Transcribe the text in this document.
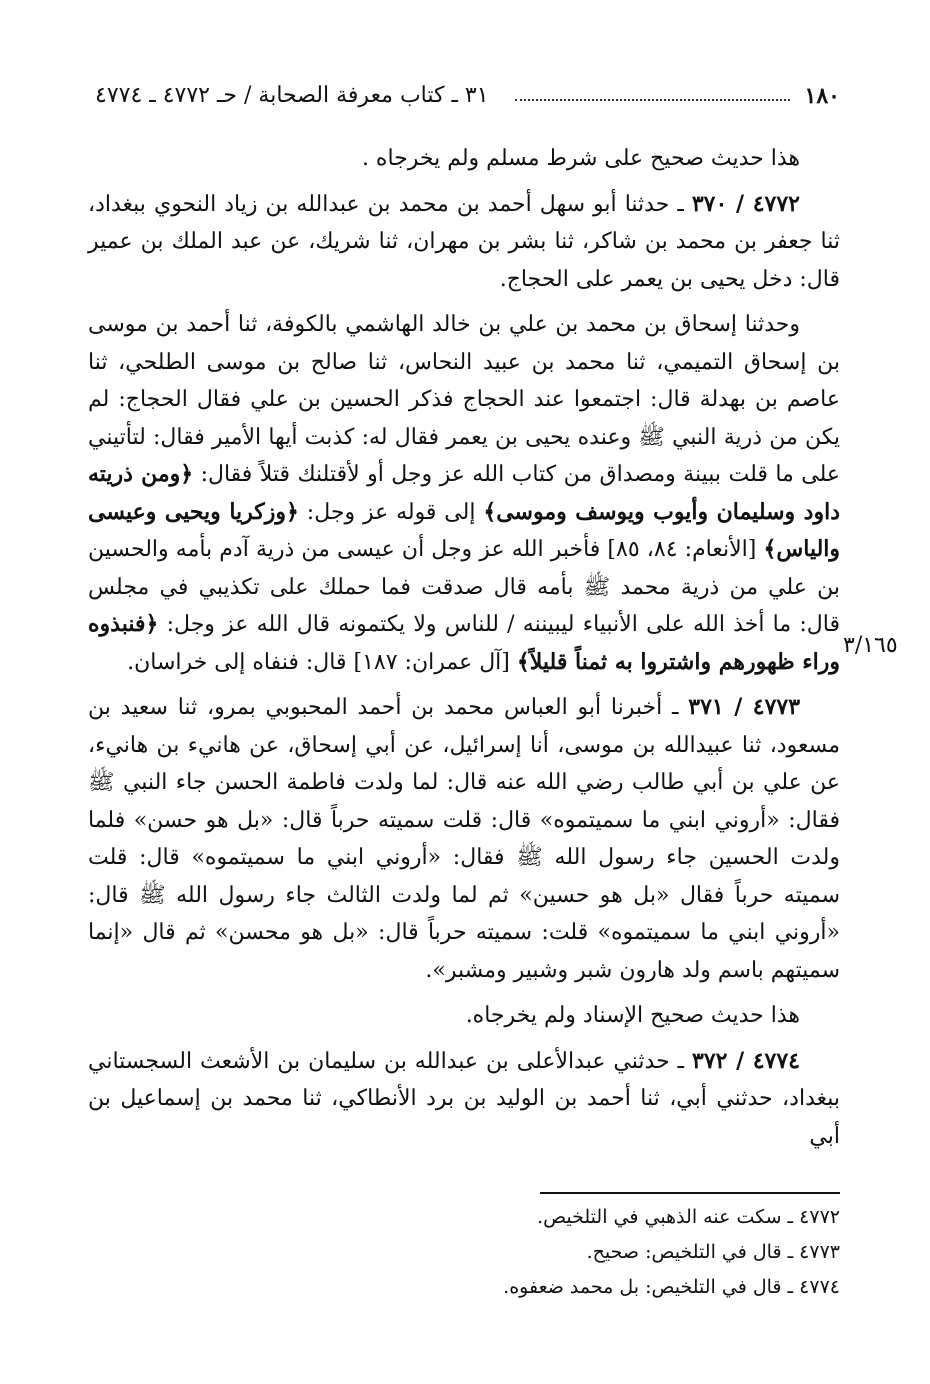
١٨٠
٣١ ـ كتاب معرفة الصحابة / حـ ٤٧٧٢ ـ ٤٧٧٤
٣/١٦٥

هذا حديث صحيح على شرط مسلم ولم يخرجاه .

٤٧٧٢ / ٣٧٠ ـ حدثنا أبو سهل أحمد بن محمد بن عبدالله بن زياد النحوي ببغداد، ثنا جعفر بن محمد بن شاكر، ثنا بشر بن مهران، ثنا شريك، عن عبد الملك بن عمير قال: دخل يحيى بن يعمر على الحجاج.

وحدثنا إسحاق بن محمد بن علي بن خالد الهاشمي بالكوفة، ثنا أحمد بن موسى بن إسحاق التميمي، ثنا محمد بن عبيد النحاس، ثنا صالح بن موسى الطلحي، ثنا عاصم بن بهدلة قال: اجتمعوا عند الحجاج فذكر الحسين بن علي فقال الحجاج: لم يكن من ذرية النبي ﷺ وعنده يحيى بن يعمر فقال له: كذبت أيها الأمير فقال: لتأتيني على ما قلت ببينة ومصداق من كتاب الله عز وجل أو لأقتلنك قتلاً فقال: ﴿ومن ذريته داود وسليمان وأيوب ويوسف وموسى﴾ إلى قوله عز وجل: ﴿وزكريا ويحيى وعيسى والياس﴾ [الأنعام: ٨٤، ٨٥] فأخبر الله عز وجل أن عيسى من ذرية آدم بأمه والحسين بن علي من ذرية محمد ﷺ بأمه قال صدقت فما حملك على تكذيبي في مجلس قال: ما أخذ الله على الأنبياء ليبيننه / للناس ولا يكتمونه قال الله عز وجل: ﴿فنبذوه وراء ظهورهم واشتروا به ثمناً قليلاً﴾ [آل عمران: ١٨٧] قال: فنفاه إلى خراسان.

٤٧٧٣ / ٣٧١ ـ أخبرنا أبو العباس محمد بن أحمد المحبوبي بمرو، ثنا سعيد بن مسعود، ثنا عبيدالله بن موسى، أنا إسرائيل، عن أبي إسحاق، عن هانيء بن هانيء، عن علي بن أبي طالب رضي الله عنه قال: لما ولدت فاطمة الحسن جاء النبي ﷺ فقال: «أروني ابني ما سميتموه» قال: قلت سميته حرباً قال: «بل هو حسن» فلما ولدت الحسين جاء رسول الله ﷺ فقال: «أروني ابني ما سميتموه» قال: قلت سميته حرباً فقال «بل هو حسين» ثم لما ولدت الثالث جاء رسول الله ﷺ قال: «أروني ابني ما سميتموه» قلت: سميته حرباً قال: «بل هو محسن» ثم قال «إنما سميتهم باسم ولد هارون شبر وشبير ومشبر».

هذا حديث صحيح الإسناد ولم يخرجاه.

٤٧٧٤ / ٣٧٢ ـ حدثني عبدالأعلى بن عبدالله بن سليمان بن الأشعث السجستاني ببغداد، حدثني أبي، ثنا أحمد بن الوليد بن برد الأنطاكي، ثنا محمد بن إسماعيل بن أبي

٤٧٧٢ ـ سكت عنه الذهبي في التلخيص.
٤٧٧٣ ـ قال في التلخيص: صحيح.
٤٧٧٤ ـ قال في التلخيص: بل محمد ضعفوه.
